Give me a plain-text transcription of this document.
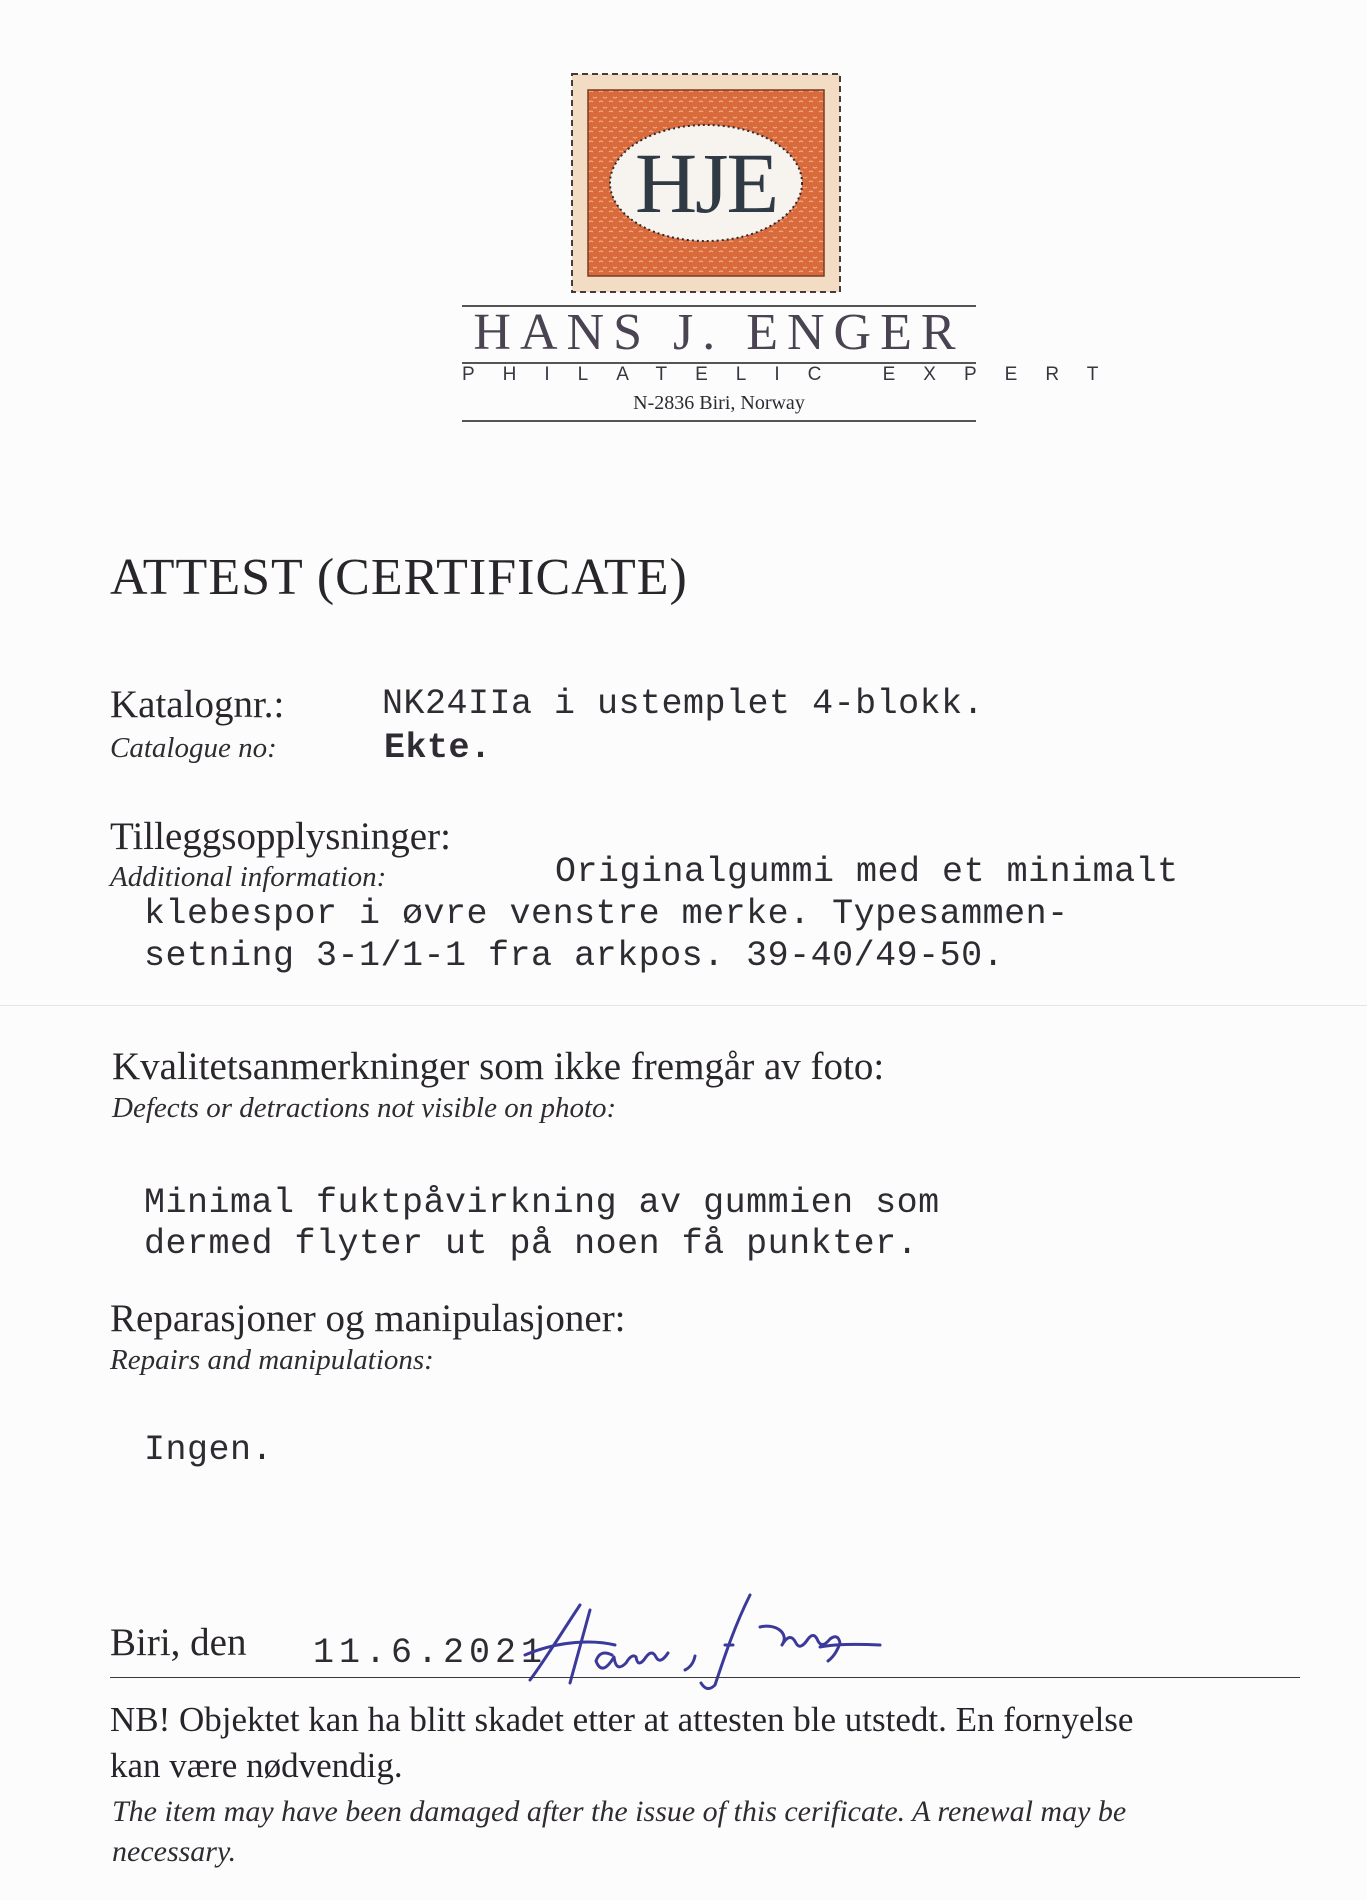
HJE
HANS J. ENGER
PHILATELIC EXPERT
N-2836 Biri, Norway
ATTEST (CERTIFICATE)
Katalognr.:
Catalogue no:
NK24IIa i ustemplet 4-blokk.
Ekte.
Tilleggsopplysninger:
Additional information:	Originalgummi med et minimalt
klebespor i øvre venstre merke. Typesammen-
setning 3-1/1-1 fra arkpos. 39-40/49-50.
Kvalitetsanmerkninger som ikke fremgår av foto:
Defects or detractions not visible on photo:
Minimal fuktpåvirkning av gummien som
dermed flyter ut på noen få punkter.
Reparasjoner og manipulasjoner:
Repairs and manipulations:
Ingen.
Biri, den 11.6.2021
NB! Objektet kan ha blitt skadet etter at attesten ble utstedt. En fornyelse
kan være nødvendig.
The item may have been damaged after the issue of this cerificate. A renewal may be
necessary.
